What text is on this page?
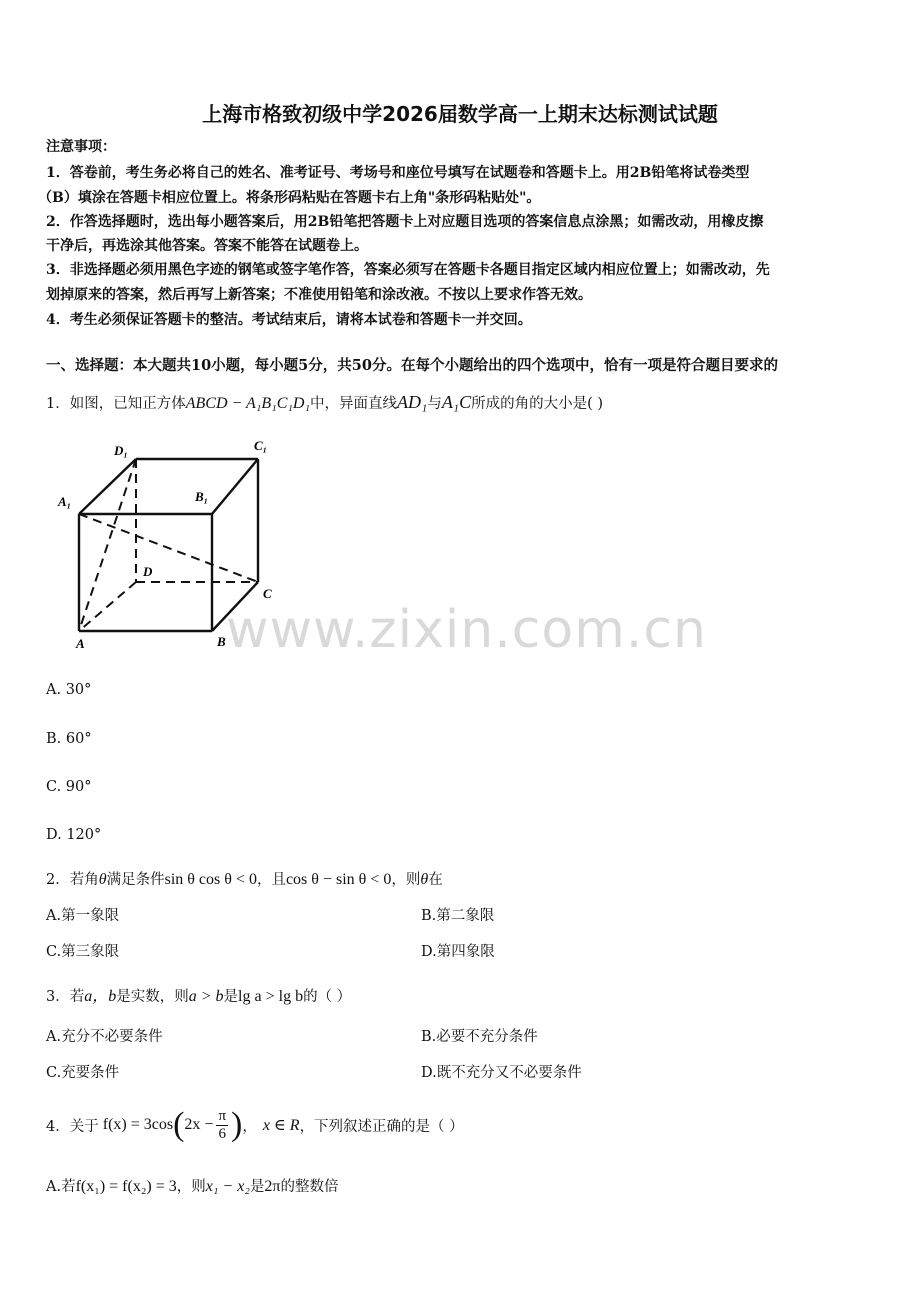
上海市格致初级中学2026届数学高一上期末达标测试试题
注意事项：
1．答卷前，考生务必将自己的姓名、准考证号、考场号和座位号填写在试题卷和答题卡上。用2B铅笔将试卷类型
（B）填涂在答题卡相应位置上。将条形码粘贴在答题卡右上角"条形码粘贴处"。
2．作答选择题时，选出每小题答案后，用2B铅笔把答题卡上对应题目选项的答案信息点涂黑；如需改动，用橡皮擦
干净后，再选涂其他答案。答案不能答在试题卷上。
3．非选择题必须用黑色字迹的钢笔或签字笔作答，答案必须写在答题卡各题目指定区域内相应位置上；如需改动，先
划掉原来的答案，然后再写上新答案；不准使用铅笔和涂改液。不按以上要求作答无效。
4．考生必须保证答题卡的整洁。考试结束后，请将本试卷和答题卡一并交回。
一、选择题：本大题共10小题，每小题5分，共50分。在每个小题给出的四个选项中，恰有一项是符合题目要求的
1．如图，已知正方体ABCD − A₁B₁C₁D₁中，异面直线AD₁与A₁C所成的角的大小是( )
D₁	C₁
A₁	B₁
D
C
A	B www.zixin.com.cn
A. 30°
B. 60°
C. 90°
D. 120°
2．若角θ满足条件sin θ cos θ < 0，且cos θ − sin θ < 0，则θ在
A.第一象限	B.第二象限
C.第三象限	D.第四象限
3．若a，b是实数，则a > b是lg a > lg b的（ ）
A.充分不必要条件	B.必要不充分条件
C.充要条件	D.既不充分又不必要条件
4．关于 f(x) = 3cos ( $2x - \frac{\pi}{6}$ ) ， x ∈ R ，下列叙述正确的是（ ）
A.若f(x₁) = f(x₂) = 3，则x₁ − x₂是2π的整数倍
